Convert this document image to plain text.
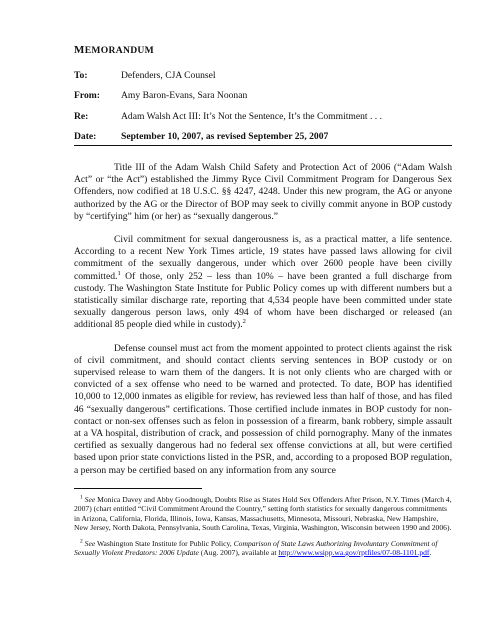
MEMORANDUM
To:	Defenders, CJA Counsel
From:	Amy Baron-Evans, Sara Noonan
Re:	Adam Walsh Act III: It’s Not the Sentence, It’s the Commitment . . .
Date:	September 10, 2007, as revised September 25, 2007

Title III of the Adam Walsh Child Safety and Protection Act of 2006 (“Adam Walsh Act” or “the Act”) established the Jimmy Ryce Civil Commitment Program for Dangerous Sex Offenders, now codified at 18 U.S.C. §§ 4247, 4248. Under this new program, the AG or anyone authorized by the AG or the Director of BOP may seek to civilly commit anyone in BOP custody by “certifying” him (or her) as “sexually dangerous.”

Civil commitment for sexual dangerousness is, as a practical matter, a life sentence. According to a recent New York Times article, 19 states have passed laws allowing for civil commitment of the sexually dangerous, under which over 2600 people have been civilly committed.$^1$ Of those, only 252 – less than 10% – have been granted a full discharge from custody. The Washington State Institute for Public Policy comes up with different numbers but a statistically similar discharge rate, reporting that 4,534 people have been committed under state sexually dangerous person laws, only 494 of whom have been discharged or released (an additional 85 people died while in custody).$^2$

Defense counsel must act from the moment appointed to protect clients against the risk of civil commitment, and should contact clients serving sentences in BOP custody or on supervised release to warn them of the dangers. It is not only clients who are charged with or convicted of a sex offense who need to be warned and protected. To date, BOP has identified 10,000 to 12,000 inmates as eligible for review, has reviewed less than half of those, and has filed 46 “sexually dangerous” certifications. Those certified include inmates in BOP custody for non-contact or non-sex offenses such as felon in possession of a firearm, bank robbery, simple assault at a VA hospital, distribution of crack, and possession of child pornography. Many of the inmates certified as sexually dangerous had no federal sex offense convictions at all, but were certified based upon prior state convictions listed in the PSR, and, according to a proposed BOP regulation, a person may be certified based on any information from any source

$^1$ See Monica Davey and Abby Goodnough, Doubts Rise as States Hold Sex Offenders After Prison, N.Y. Times (March 4, 2007) (chart entitled “Civil Commitment Around the Country,” setting forth statistics for sexually dangerous commitments in Arizona, California, Florida, Illinois, Iowa, Kansas, Massachusetts, Minnesota, Missouri, Nebraska, New Hampshire, New Jersey, North Dakota, Pennsylvania, South Carolina, Texas, Virginia, Washington, Wisconsin between 1990 and 2006).

$^2$ See Washington State Institute for Public Policy, Comparison of State Laws Authorizing Involuntary Commitment of Sexually Violent Predators: 2006 Update (Aug. 2007), available at http://www.wsipp.wa.gov/rptfiles/07-08-1101.pdf.
